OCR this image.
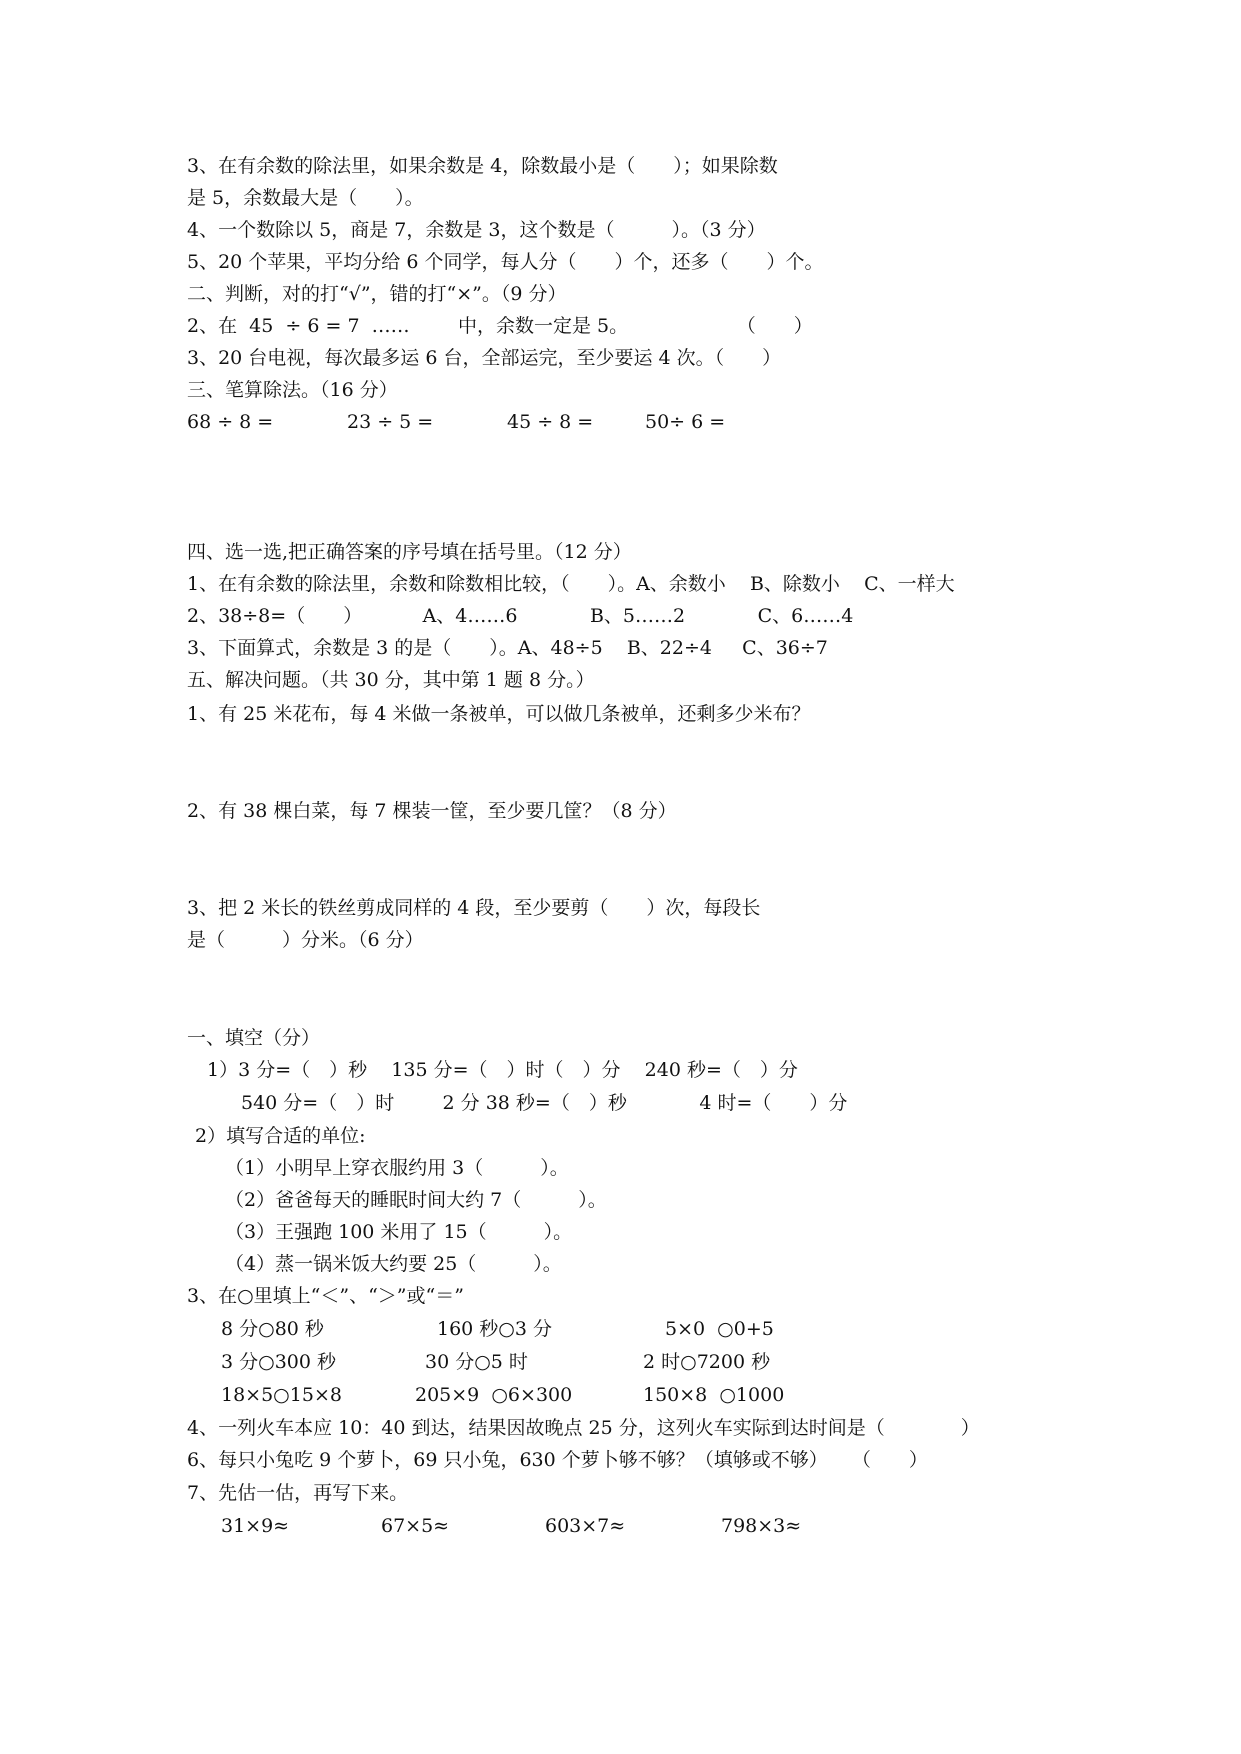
3、在有余数的除法里，如果余数是 4，除数最小是（　　）；如果除数
是 5，余数最大是（　　）。
4、一个数除以 5，商是 7，余数是 3，这个数是（　　　）。（3 分）
5、20 个苹果，平均分给 6 个同学，每人分（　　）个，还多（　　）个。
二、判断，对的打“√”，错的打“×”。（9 分）
2、在  45  ÷ 6 = 7  ……        中，余数一定是 5。                  （　　）
3、20 台电视，每次最多运 6 台，全部运完，至少要运 4 次。（　　）
三、笔算除法。（16 分）
68 ÷ 8 =	23 ÷ 5 =	45 ÷ 8 =	50÷ 6 =
四、选一选,把正确答案的序号填在括号里。（12 分）
1、在有余数的除法里，余数和除数相比较，（　　）。A、余数小    B、除数小    C、一样大
2、38÷8=（　　）          A、4……6            B、5……2            C、6……4
3、下面算式，余数是 3 的是（　　）。A、48÷5    B、22÷4     C、36÷7
五、解决问题。（共 30 分，其中第 1 题 8 分。）
1、有 25 米花布，每 4 米做一条被单，可以做几条被单，还剩多少米布？
2、有 38 棵白菜，每 7 棵装一筐，至少要几筐？（8 分）
3、把 2 米长的铁丝剪成同样的 4 段，至少要剪（　　）次，每段长
是（　　　）分米。（6 分）
一、填空（分）
1）3 分=（　）秒    135 分=（　）时（　）分    240 秒=（　）分
540 分=（　）时        2 分 38 秒=（　）秒            4 时=（　　）分
2）填写合适的单位:
（1）小明早上穿衣服约用 3（　　　）。
（2）爸爸每天的睡眠时间大约 7（　　　）。
（3）王强跑 100 米用了 15（　　　）。
（4）蒸一锅米饭大约要 25（　　　）。
3、在○里填上“＜”、“＞”或“＝”
8 分○80 秒	160 秒○3 分	5×0  ○0+5
3 分○300 秒	30 分○5 时	2 时○7200 秒
18×5○15×8	205×9  ○6×300	150×8  ○1000
4、一列火车本应 10：40 到达，结果因故晚点 25 分，这列火车实际到达时间是（　　　　）
6、每只小兔吃 9 个萝卜，69 只小兔，630 个萝卜够不够？（填够或不够）    （　　）
7、先估一估，再写下来。
31×9≈	67×5≈	603×7≈	798×3≈
